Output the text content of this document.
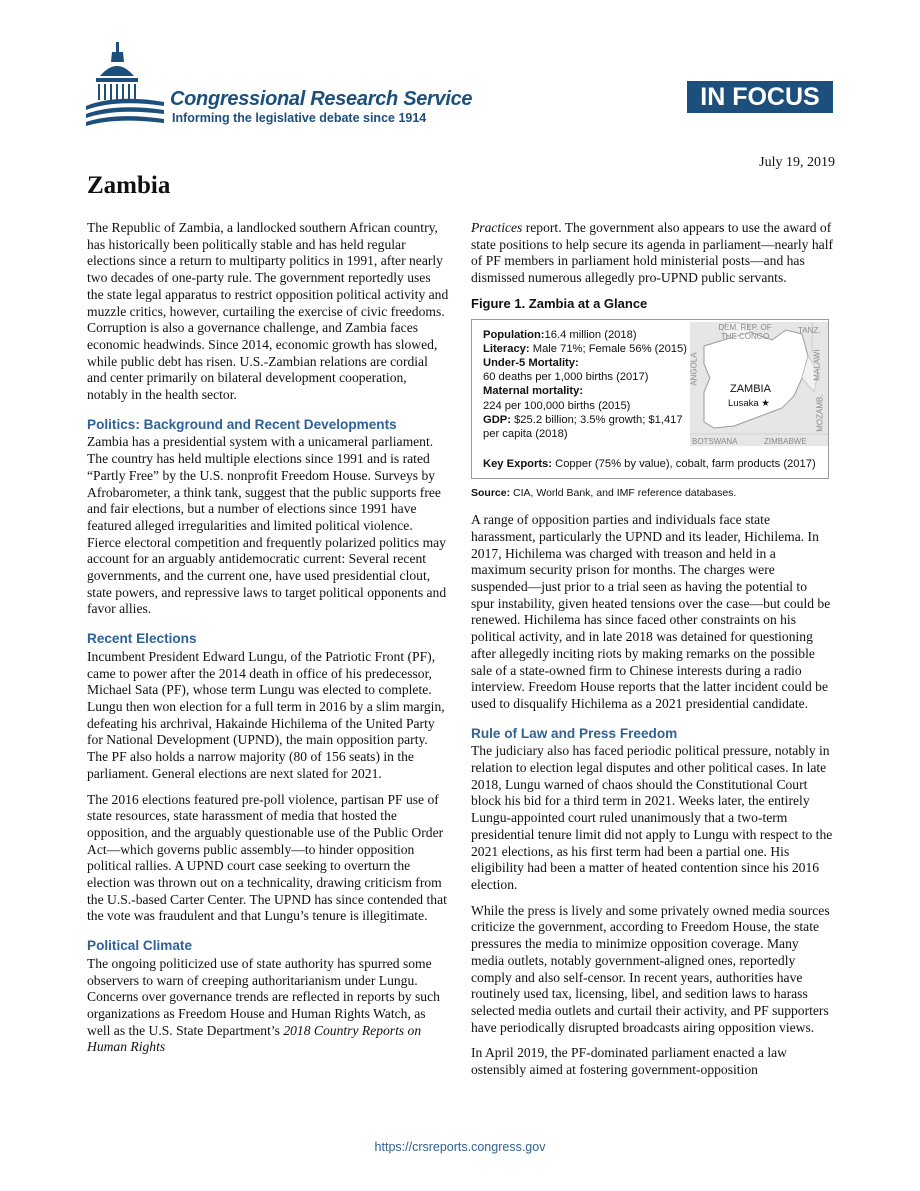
Congressional Research Service
Informing the legislative debate since 1914
IN FOCUS
July 19, 2019
Zambia

The Republic of Zambia, a landlocked southern African country, has historically been politically stable and has held regular elections since a return to multiparty politics in 1991, after nearly two decades of one-party rule. The government reportedly uses the state legal apparatus to restrict opposition political activity and muzzle critics, however, curtailing the exercise of civic freedoms. Corruption is also a governance challenge, and Zambia faces economic headwinds. Since 2014, economic growth has slowed, while public debt has risen. U.S.-Zambian relations are cordial and center primarily on bilateral development cooperation, notably in the health sector.

Politics: Background and Recent Developments

Zambia has a presidential system with a unicameral parliament. The country has held multiple elections since 1991 and is rated “Partly Free” by the U.S. nonprofit Freedom House. Surveys by Afrobarometer, a think tank, suggest that the public supports free and fair elections, but a number of elections since 1991 have featured alleged irregularities and limited political violence. Fierce electoral competition and frequently polarized politics may account for an arguably antidemocratic current: Several recent governments, and the current one, have used presidential clout, state powers, and repressive laws to target political opponents and favor allies.

Recent Elections

Incumbent President Edward Lungu, of the Patriotic Front (PF), came to power after the 2014 death in office of his predecessor, Michael Sata (PF), whose term Lungu was elected to complete. Lungu then won election for a full term in 2016 by a slim margin, defeating his archrival, Hakainde Hichilema of the United Party for National Development (UPND), the main opposition party. The PF also holds a narrow majority (80 of 156 seats) in the parliament. General elections are next slated for 2021.

The 2016 elections featured pre-poll violence, partisan PF use of state resources, state harassment of media that hosted the opposition, and the arguably questionable use of the Public Order Act—which governs public assembly—to hinder opposition political rallies. A UPND court case seeking to overturn the election was thrown out on a technicality, drawing criticism from the U.S.-based Carter Center. The UPND has since contended that the vote was fraudulent and that Lungu’s tenure is illegitimate.

Political Climate

The ongoing politicized use of state authority has spurred some observers to warn of creeping authoritarianism under Lungu. Concerns over governance trends are reflected in reports by such organizations as Freedom House and Human Rights Watch, as well as the U.S. State Department’s 2018 Country Reports on Human Rights

Practices report. The government also appears to use the award of state positions to help secure its agenda in parliament—nearly half of PF members in parliament hold ministerial posts—and has dismissed numerous allegedly pro-UPND public servants.

Figure 1. Zambia at a Glance
Population:16.4 million (2018)
Literacy: Male 71%; Female 56% (2015)
Under-5 Mortality:
60 deaths per 1,000 births (2017)
Maternal mortality:
224 per 100,000 births (2015)
GDP: $25.2 billion; 3.5% growth; $1,417 per capita (2018)
DEM. REP. OF THE CONGO
TANZ.
ANGOLA	MALAWI
ZAMBIA
Lusaka ★	MOZAMB.
BOTSWANA	ZIMBABWE
Key Exports: Copper (75% by value), cobalt, farm products (2017)
Source: CIA, World Bank, and IMF reference databases.

A range of opposition parties and individuals face state harassment, particularly the UPND and its leader, Hichilema. In 2017, Hichilema was charged with treason and held in a maximum security prison for months. The charges were suspended—just prior to a trial seen as having the potential to spur instability, given heated tensions over the case—but could be renewed. Hichilema has since faced other constraints on his political activity, and in late 2018 was detained for questioning after allegedly inciting riots by making remarks on the possible sale of a state-owned firm to Chinese interests during a radio interview. Freedom House reports that the latter incident could be used to disqualify Hichilema as a 2021 presidential candidate.

Rule of Law and Press Freedom

The judiciary also has faced periodic political pressure, notably in relation to election legal disputes and other political cases. In late 2018, Lungu warned of chaos should the Constitutional Court block his bid for a third term in 2021. Weeks later, the entirely Lungu-appointed court ruled unanimously that a two-term presidential tenure limit did not apply to Lungu with respect to the 2021 elections, as his first term had been a partial one. His eligibility had been a matter of heated contention since his 2016 election.

While the press is lively and some privately owned media sources criticize the government, according to Freedom House, the state pressures the media to minimize opposition coverage. Many media outlets, notably government-aligned ones, reportedly comply and also self-censor. In recent years, authorities have routinely used tax, licensing, libel, and sedition laws to harass selected media outlets and curtail their activity, and PF supporters have periodically disrupted broadcasts airing opposition views.

In April 2019, the PF-dominated parliament enacted a law ostensibly aimed at fostering government-opposition

https://crsreports.congress.gov
